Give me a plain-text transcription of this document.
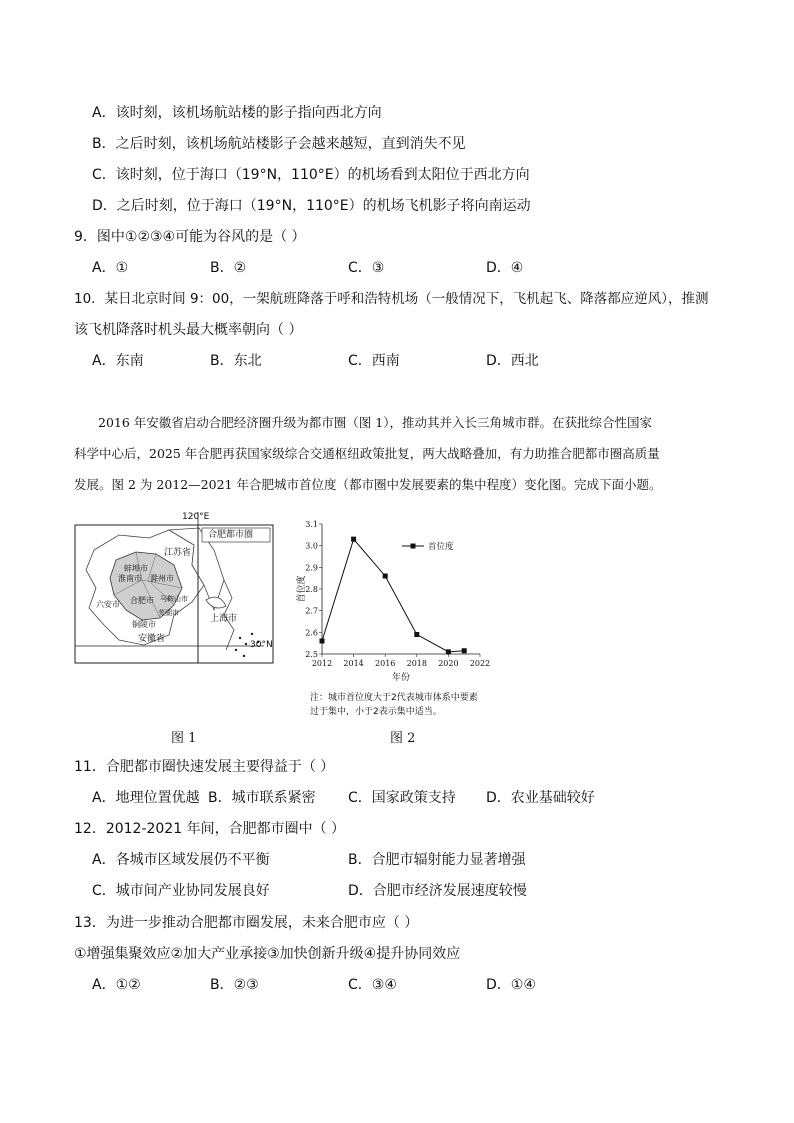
A．该时刻，该机场航站楼的影子指向西北方向
B．之后时刻，该机场航站楼影子会越来越短，直到消失不见
C．该时刻，位于海口（19°N，110°E）的机场看到太阳位于西北方向
D．之后时刻，位于海口（19°N，110°E）的机场飞机影子将向南运动
9．图中①②③④可能为谷风的是（ ）
A．①	B．②	C．③	D．④
10．某日北京时间 9：00，一架航班降落于呼和浩特机场（一般情况下，飞机起飞、降落都应逆风），推测
该飞机降落时机头最大概率朝向（ ）
A．东南	B．东北	C．西南	D．西北
2016 年安徽省启动合肥经济圈升级为都市圈（图 1），推动其并入长三角城市群。在获批综合性国家
科学中心后，2025 年合肥再获国家级综合交通枢纽政策批复，两大战略叠加，有力助推合肥都市圈高质量
发展。图 2 为 2012—2021 年合肥城市首位度（都市圈中发展要素的集中程度）变化图。完成下面小题。
120°E
30°N
合肥都市圈
江苏省
安徽省
上海市
蚌埠市
淮南市 滁州市
六安市 合肥市 马鞍山市
芜湖市
铜陵市
图 1
2.5
2.6
2.7
2.8
2.9
3.0
3.1
2012 2014 2016 2018 2020 2022
年份
首位度
首位度
注：城市首位度大于2代表城市体系中要素
过于集中，小于2表示集中适当。
图 2
11．合肥都市圈快速发展主要得益于（ ）
A．地理位置优越 B．城市联系紧密 C．国家政策支持 D．农业基础较好
12．2012-2021 年间，合肥都市圈中（ ）
A．各城市区域发展仍不平衡	B．合肥市辐射能力显著增强
C．城市间产业协同发展良好	D．合肥市经济发展速度较慢
13．为进一步推动合肥都市圈发展，未来合肥市应（ ）
①增强集聚效应②加大产业承接③加快创新升级④提升协同效应
A．①②	B．②③	C．③④	D．①④
